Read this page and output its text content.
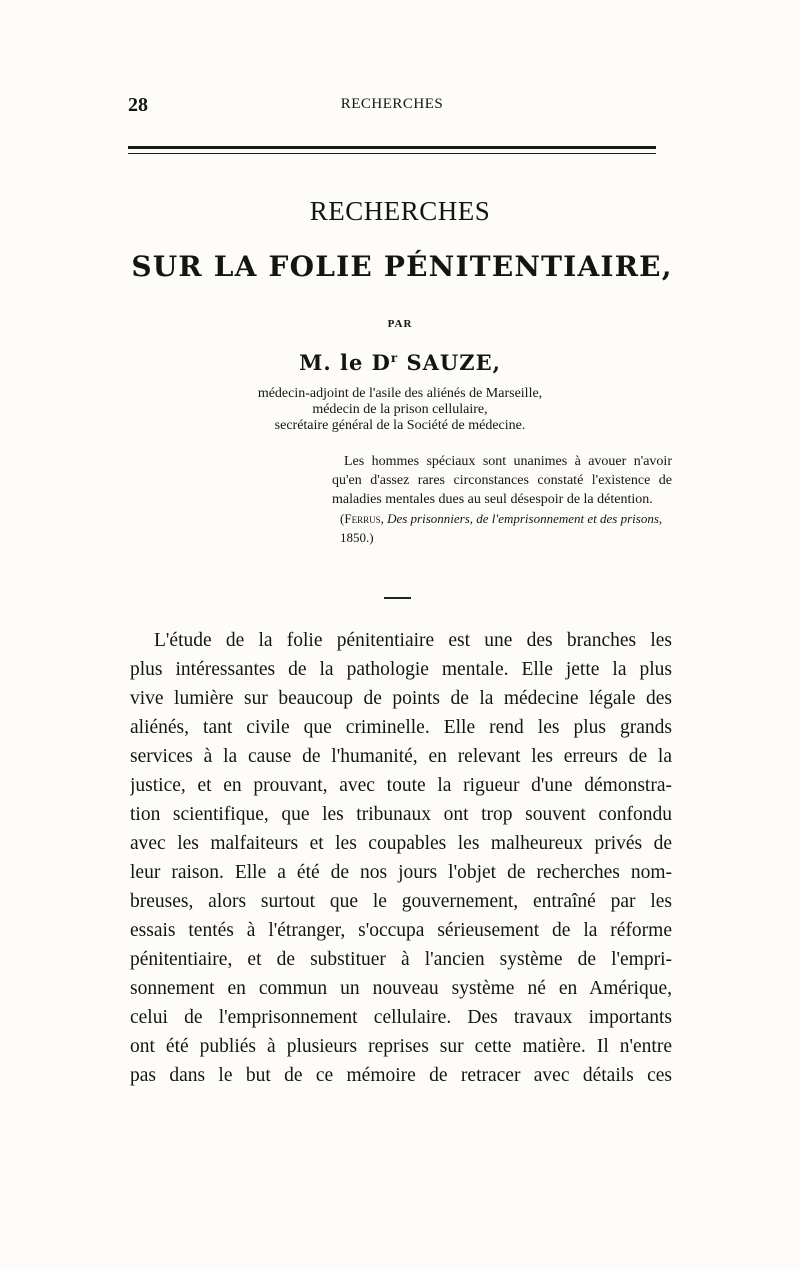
28	RECHERCHES
RECHERCHES
SUR LA FOLIE PÉNITENTIAIRE,
PAR
M. le $D^r$ SAUZE,
médecin-adjoint de l'asile des aliénés de Marseille,
médecin de la prison cellulaire,
secrétaire général de la Société de médecine.
Les hommes spéciaux sont unanimes à avouer n'avoir qu'en d'assez rares circonstances constaté l'existence de maladies mentales dues au seul désespoir de la détention.
(Ferrus, Des prisonniers, de l'emprisonnement et des prisons, 1850.)
L'étude de la folie pénitentiaire est une des branches les
plus intéressantes de la pathologie mentale. Elle jette la plus
vive lumière sur beaucoup de points de la médecine légale des
aliénés, tant civile que criminelle. Elle rend les plus grands
services à la cause de l'humanité, en relevant les erreurs de la
justice, et en prouvant, avec toute la rigueur d'une démonstra-
tion scientifique, que les tribunaux ont trop souvent confondu
avec les malfaiteurs et les coupables les malheureux privés de
leur raison. Elle a été de nos jours l'objet de recherches nom-
breuses, alors surtout que le gouvernement, entraîné par les
essais tentés à l'étranger, s'occupa sérieusement de la réforme
pénitentiaire, et de substituer à l'ancien système de l'empri-
sonnement en commun un nouveau système né en Amérique,
celui de l'emprisonnement cellulaire. Des travaux importants
ont été publiés à plusieurs reprises sur cette matière. Il n'entre
pas dans le but de ce mémoire de retracer avec détails ces
